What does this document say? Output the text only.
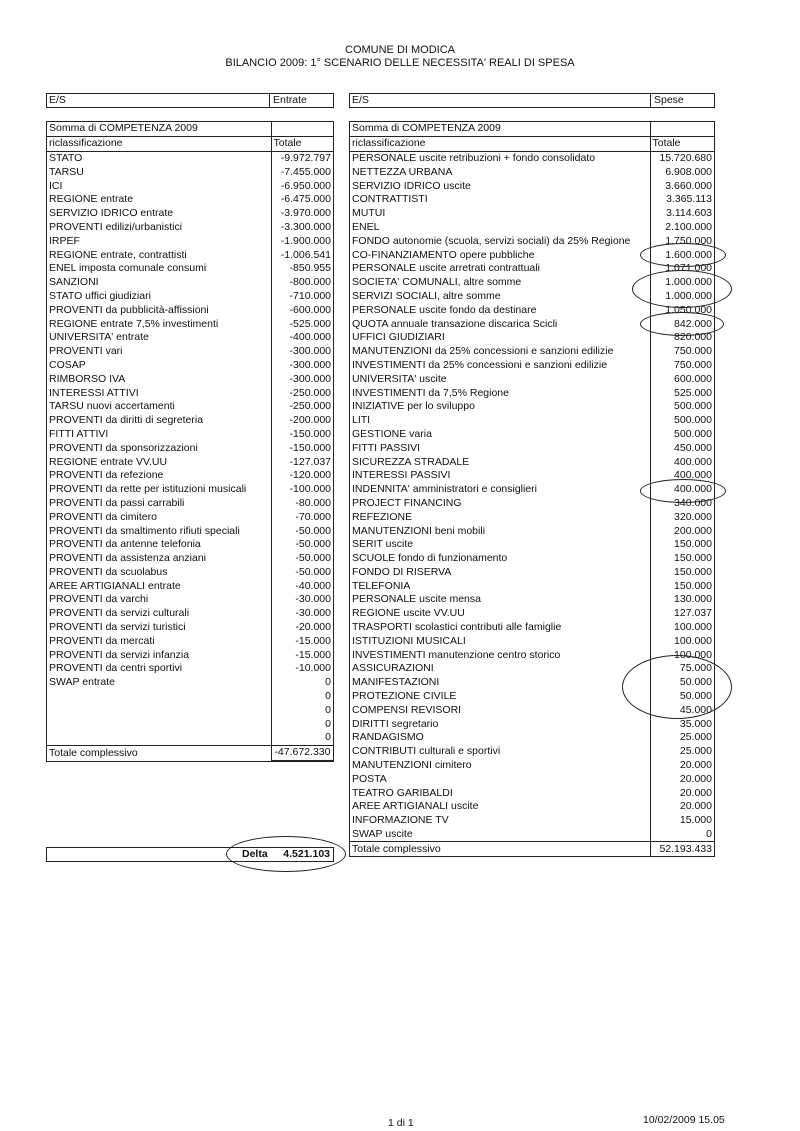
COMUNE DI MODICA
BILANCIO 2009: 1° SCENARIO DELLE NECESSITA' REALI DI SPESA
E/S	Entrate	E/S	Spese
Somma di COMPETENZA 2009	
riclassificazione	Totale
STATO	-9.972.797
TARSU	-7.455.000
ICI	-6.950.000
REGIONE entrate	-6.475.000
SERVIZIO IDRICO entrate	-3.970.000
PROVENTI edilizi/urbanistici	-3.300.000
IRPEF	-1.900.000
REGIONE entrate, contrattisti	-1.006.541
ENEL imposta comunale consumi	-850.955
SANZIONI	-800.000
STATO uffici giudiziari	-710.000
PROVENTI da pubblicità-affissioni	-600.000
REGIONE entrate 7,5% investimenti	-525.000
UNIVERSITA' entrate	-400.000
PROVENTI vari	-300.000
COSAP	-300.000
RIMBORSO IVA	-300.000
INTERESSI ATTIVI	-250.000
TARSU nuovi accertamenti	-250.000
PROVENTI da diritti di segreteria	-200.000
FITTI ATTIVI	-150.000
PROVENTI da sponsorizzazioni	-150.000
REGIONE entrate VV.UU	-127.037
PROVENTI da refezione	-120.000
PROVENTI da rette per istituzioni musicali	-100.000
PROVENTI da passi carrabili	-80.000
PROVENTI da cimitero	-70.000
PROVENTI da smaltimento rifiuti speciali	-50.000
PROVENTI da antenne telefonia	-50.000
PROVENTI da assistenza anziani	-50.000
PROVENTI da scuolabus	-50.000
AREE ARTIGIANALI entrate	-40.000
PROVENTI da varchi	-30.000
PROVENTI da servizi culturali	-30.000
PROVENTI da servizi turistici	-20.000
PROVENTI da mercati	-15.000
PROVENTI da servizi infanzia	-15.000
PROVENTI da centri sportivi	-10.000
SWAP entrate	0
	0
	0
	0
	0
Totale complessivo	-47.672.330
Delta 4.521.103
Somma di COMPETENZA 2009	
riclassificazione	Totale
PERSONALE uscite retribuzioni + fondo consolidato	15.720.680
NETTEZZA URBANA	6.908.000
SERVIZIO IDRICO uscite	3.660.000
CONTRATTISTI	3.365.113
MUTUI	3.114.603
ENEL	2.100.000
FONDO autonomie (scuola, servizi sociali) da 25% Regione	1.750.000
CO-FINANZIAMENTO opere pubbliche	1.600.000
PERSONALE uscite arretrati contrattuali	1.071.000
SOCIETA' COMUNALI, altre somme	1.000.000
SERVIZI SOCIALI, altre somme	1.000.000
PERSONALE uscite fondo da destinare	1.050.000
QUOTA annuale transazione discarica Scicli	842.000
UFFICI GIUDIZIARI	820.000
MANUTENZIONI da 25% concessioni e sanzioni edilizie	750.000
INVESTIMENTI da 25% concessioni e sanzioni edilizie	750.000
UNIVERSITA' uscite	600.000
INVESTIMENTI da 7,5% Regione	525.000
INIZIATIVE per lo sviluppo	500.000
LITI	500.000
GESTIONE varia	500.000
FITTI PASSIVI	450.000
SICUREZZA STRADALE	400.000
INTERESSI PASSIVI	400.000
INDENNITA' amministratori e consiglieri	400.000
PROJECT FINANCING	340.000
REFEZIONE	320.000
MANUTENZIONI beni mobili	200.000
SERIT uscite	150.000
SCUOLE fondo di funzionamento	150.000
FONDO DI RISERVA	150.000
TELEFONIA	150.000
PERSONALE uscite mensa	130.000
REGIONE uscite VV.UU	127.037
TRASPORTI scolastici contributi alle famiglie	100.000
ISTITUZIONI MUSICALI	100.000
INVESTIMENTI manutenzione centro storico	100.000
ASSICURAZIONI	75.000
MANIFESTAZIONI	50.000
PROTEZIONE CIVILE	50.000
COMPENSI REVISORI	45.000
DIRITTI segretario	35.000
RANDAGISMO	25.000
CONTRIBUTI culturali e sportivi	25.000
MANUTENZIONI cimitero	20.000
POSTA	20.000
TEATRO GARIBALDI	20.000
AREE ARTIGIANALI uscite	20.000
INFORMAZIONE TV	15.000
SWAP uscite	0
Totale complessivo	52.193.433
1 di 1	10/02/2009 15.05
